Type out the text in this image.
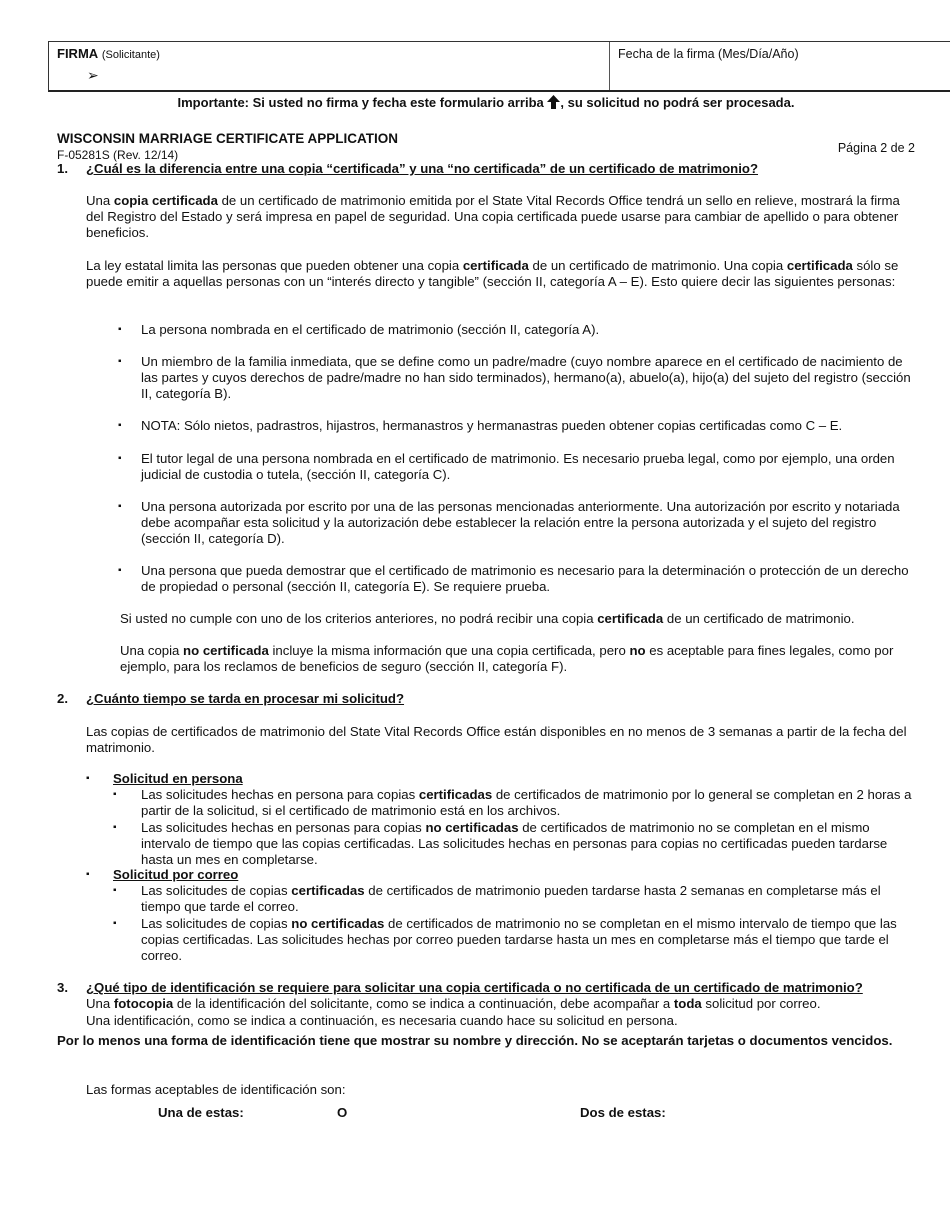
FIRMA (Solicitante)
➢
Fecha de la firma (Mes/Día/Año)
Importante: Si usted no firma y fecha este formulario arriba , su solicitud no podrá ser procesada.
WISCONSIN MARRIAGE CERTIFICATE APPLICATION
F-05281S (Rev. 12/14)	Página 2 de 2
1. ¿Cuál es la diferencia entre una copia “certificada” y una “no certificada” de un certificado de matrimonio?
Una copia certificada de un certificado de matrimonio emitida por el State Vital Records Office tendrá un sello en relieve, mostrará la firma del Registro del Estado y será impresa en papel de seguridad. Una copia certificada puede usarse para cambiar de apellido o para obtener beneficios.
La ley estatal limita las personas que pueden obtener una copia certificada de un certificado de matrimonio. Una copia certificada sólo se puede emitir a aquellas personas con un “interés directo y tangible” (sección II, categoría A – E). Esto quiere decir las siguientes personas:
▪ La persona nombrada en el certificado de matrimonio (sección II, categoría A).
▪ Un miembro de la familia inmediata, que se define como un padre/madre (cuyo nombre aparece en el certificado de nacimiento de las partes y cuyos derechos de padre/madre no han sido terminados), hermano(a), abuelo(a), hijo(a) del sujeto del registro (sección II, categoría B).
▪ NOTA: Sólo nietos, padrastros, hijastros, hermanastros y hermanastras pueden obtener copias certificadas como C – E.
▪ El tutor legal de una persona nombrada en el certificado de matrimonio. Es necesario prueba legal, como por ejemplo, una orden judicial de custodia o tutela, (sección II, categoría C).
▪ Una persona autorizada por escrito por una de las personas mencionadas anteriormente. Una autorización por escrito y notariada debe acompañar esta solicitud y la autorización debe establecer la relación entre la persona autorizada y el sujeto del registro (sección II, categoría D).
▪ Una persona que pueda demostrar que el certificado de matrimonio es necesario para la determinación o protección de un derecho de propiedad o personal (sección II, categoría E). Se requiere prueba.
Si usted no cumple con uno de los criterios anteriores, no podrá recibir una copia certificada de un certificado de matrimonio.
Una copia no certificada incluye la misma información que una copia certificada, pero no es aceptable para fines legales, como por ejemplo, para los reclamos de beneficios de seguro (sección II, categoría F).
2. ¿Cuánto tiempo se tarda en procesar mi solicitud?
Las copias de certificados de matrimonio del State Vital Records Office están disponibles en no menos de 3 semanas a partir de la fecha del matrimonio.
▪ Solicitud en persona
▪ Las solicitudes hechas en persona para copias certificadas de certificados de matrimonio por lo general se completan en 2 horas a partir de la solicitud, si el certificado de matrimonio está en los archivos.
▪ Las solicitudes hechas en personas para copias no certificadas de certificados de matrimonio no se completan en el mismo intervalo de tiempo que las copias certificadas. Las solicitudes hechas en personas para copias no certificadas pueden tardarse hasta un mes en completarse.
▪ Solicitud por correo
▪ Las solicitudes de copias certificadas de certificados de matrimonio pueden tardarse hasta 2 semanas en completarse más el tiempo que tarde el correo.
▪ Las solicitudes de copias no certificadas de certificados de matrimonio no se completan en el mismo intervalo de tiempo que las copias certificadas. Las solicitudes hechas por correo pueden tardarse hasta un mes en completarse más el tiempo que tarde el correo.
3. ¿Qué tipo de identificación se requiere para solicitar una copia certificada o no certificada de un certificado de matrimonio?
Una fotocopia de la identificación del solicitante, como se indica a continuación, debe acompañar a toda solicitud por correo.
Una identificación, como se indica a continuación, es necesaria cuando hace su solicitud en persona.
Por lo menos una forma de identificación tiene que mostrar su nombre y dirección. No se aceptarán tarjetas o documentos vencidos.
Las formas aceptables de identificación son:
Una de estas:	O	Dos de estas:
